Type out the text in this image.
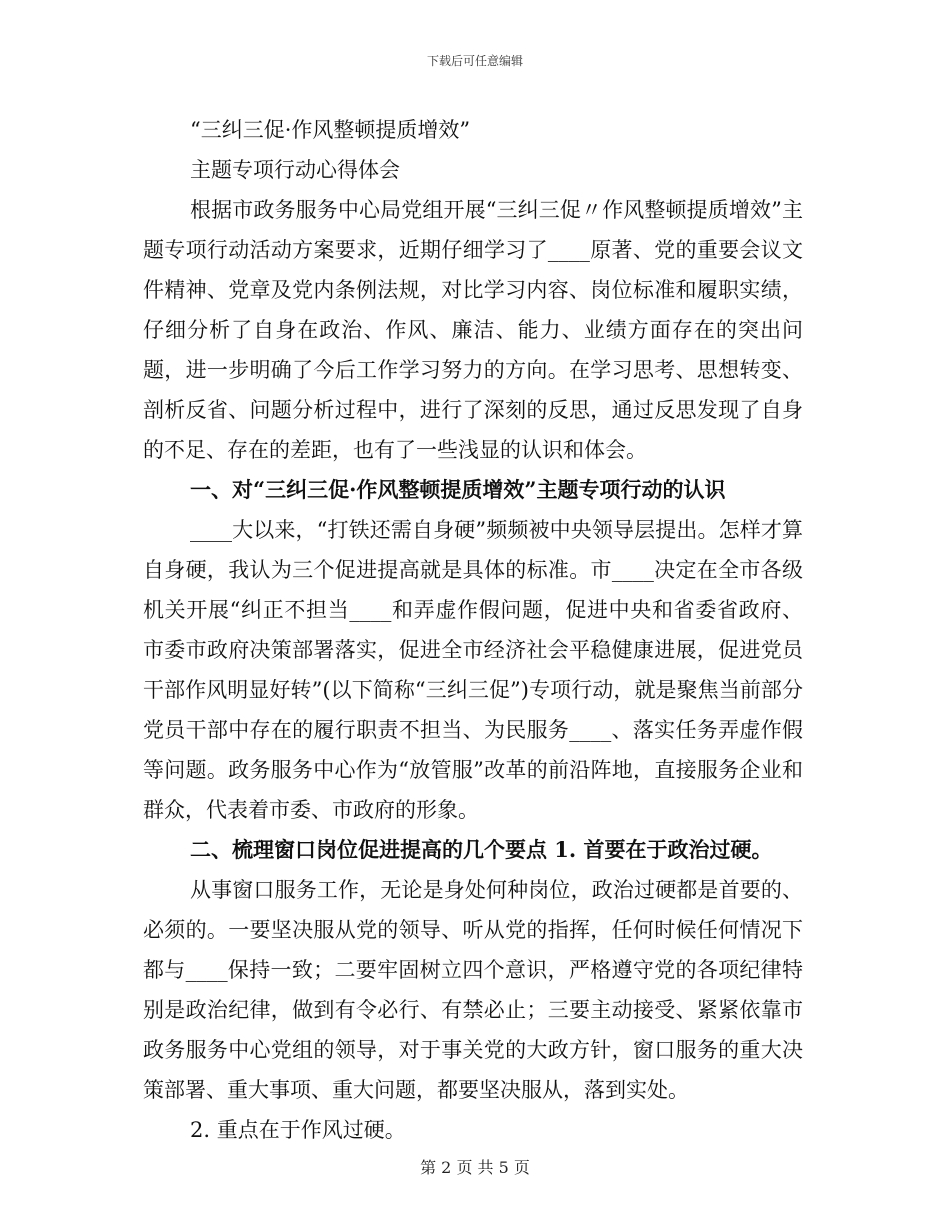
下载后可任意编辑
“三纠三促·作风整顿提质增效”
主题专项行动心得体会

根据市政务服务中心局党组开展“三纠三促〃作风整顿提质增效”主题专项行动活动方案要求，近期仔细学习了____原著、党的重要会议文件精神、党章及党内条例法规，对比学习内容、岗位标准和履职实绩，仔细分析了自身在政治、作风、廉洁、能力、业绩方面存在的突出问题，进一步明确了今后工作学习努力的方向。在学习思考、思想转变、剖析反省、问题分析过程中，进行了深刻的反思，通过反思发现了自身的不足、存在的差距，也有了一些浅显的认识和体会。

一、对“三纠三促·作风整顿提质增效”主题专项行动的认识

____大以来，“打铁还需自身硬”频频被中央领导层提出。怎样才算自身硬，我认为三个促进提高就是具体的标准。市____决定在全市各级机关开展“纠正不担当____和弄虚作假问题，促进中央和省委省政府、市委市政府决策部署落实，促进全市经济社会平稳健康进展，促进党员干部作风明显好转”(以下简称“三纠三促”)专项行动，就是聚焦当前部分党员干部中存在的履行职责不担当、为民服务____、落实任务弄虚作假等问题。政务服务中心作为“放管服”改革的前沿阵地，直接服务企业和群众，代表着市委、市政府的形象。

二、梳理窗口岗位促进提高的几个要点 1. 首要在于政治过硬。

从事窗口服务工作，无论是身处何种岗位，政治过硬都是首要的、必须的。一要坚决服从党的领导、听从党的指挥，任何时候任何情况下都与____保持一致；二要牢固树立四个意识，严格遵守党的各项纪律特别是政治纪律，做到有令必行、有禁必止；三要主动接受、紧紧依靠市政务服务中心党组的领导，对于事关党的大政方针，窗口服务的重大决策部署、重大事项、重大问题，都要坚决服从，落到实处。

2. 重点在于作风过硬。

第 2 页 共 5 页
